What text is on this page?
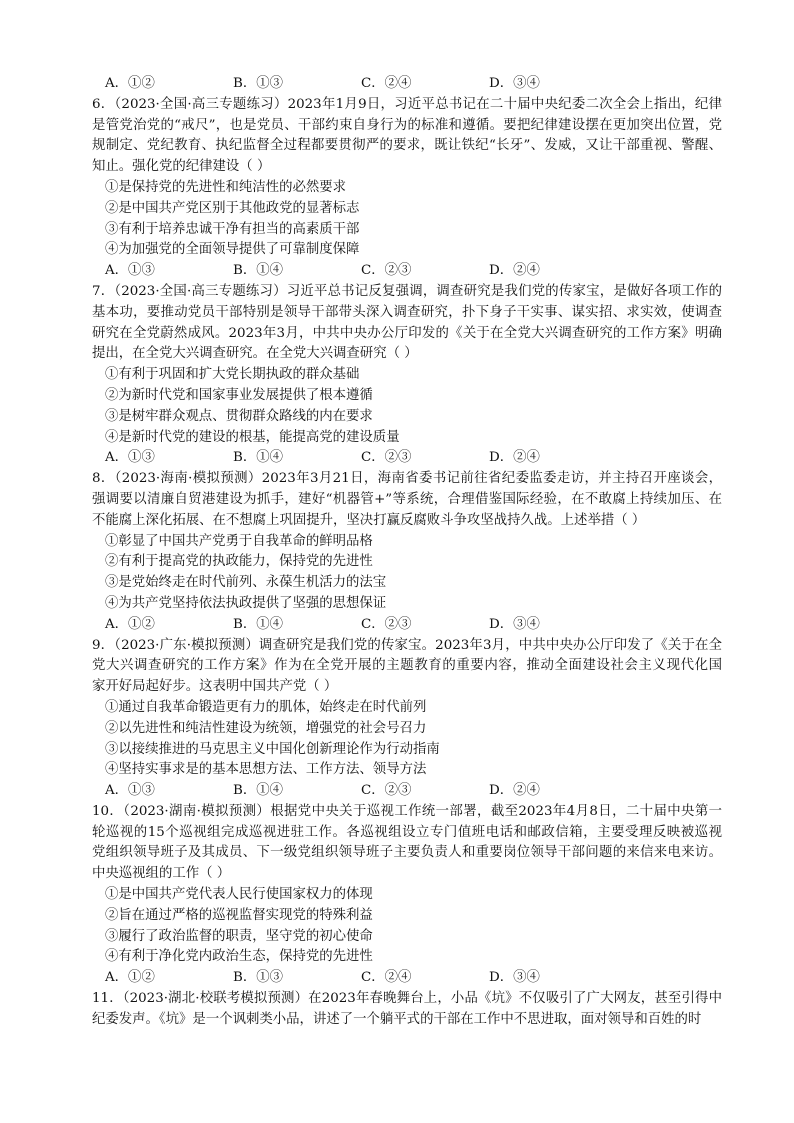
A．①②	B．①③	C．②④	D．③④
6．（2023·全国·高三专题练习）2023年1月9日，习近平总书记在二十届中央纪委二次全会上指出，纪律
是管党治党的“戒尺”，也是党员、干部约束自身行为的标准和遵循。要把纪律建设摆在更加突出位置，党
规制定、党纪教育、执纪监督全过程都要贯彻严的要求，既让铁纪“长牙”、发威，又让干部重视、警醒、
知止。强化党的纪律建设（ ）
①是保持党的先进性和纯洁性的必然要求
②是中国共产党区别于其他政党的显著标志
③有利于培养忠诚干净有担当的高素质干部
④为加强党的全面领导提供了可靠制度保障
A．①③	B．①④	C．②③	D．②④
7．（2023·全国·高三专题练习）习近平总书记反复强调，调查研究是我们党的传家宝，是做好各项工作的
基本功，要推动党员干部特别是领导干部带头深入调查研究，扑下身子干实事、谋实招、求实效，使调查
研究在全党蔚然成风。2023年3月，中共中央办公厅印发的《关于在全党大兴调查研究的工作方案》明确
提出，在全党大兴调查研究。在全党大兴调查研究（ ）
①有利于巩固和扩大党长期执政的群众基础
②为新时代党和国家事业发展提供了根本遵循
③是树牢群众观点、贯彻群众路线的内在要求
④是新时代党的建设的根基，能提高党的建设质量
A．①③	B．①④	C．②③	D．②④
8．（2023·海南·模拟预测）2023年3月21日，海南省委书记前往省纪委监委走访，并主持召开座谈会，
强调要以清廉自贸港建设为抓手，建好“机器管+”等系统，合理借鉴国际经验，在不敢腐上持续加压、在
不能腐上深化拓展、在不想腐上巩固提升，坚决打赢反腐败斗争攻坚战持久战。上述举措（ ）
①彰显了中国共产党勇于自我革命的鲜明品格
②有利于提高党的执政能力，保持党的先进性
③是党始终走在时代前列、永葆生机活力的法宝
④为共产党坚持依法执政提供了坚强的思想保证
A．①②	B．①④	C．②③	D．③④
9．（2023·广东·模拟预测）调查研究是我们党的传家宝。2023年3月，中共中央办公厅印发了《关于在全
党大兴调查研究的工作方案》作为在全党开展的主题教育的重要内容，推动全面建设社会主义现代化国
家开好局起好步。这表明中国共产党（ ）
①通过自我革命锻造更有力的肌体，始终走在时代前列
②以先进性和纯洁性建设为统领，增强党的社会号召力
③以接续推进的马克思主义中国化创新理论作为行动指南
④坚持实事求是的基本思想方法、工作方法、领导方法
A．①③	B．①④	C．②③	D．②④
10．（2023·湖南·模拟预测）根据党中央关于巡视工作统一部署，截至2023年4月8日，二十届中央第一
轮巡视的15个巡视组完成巡视进驻工作。各巡视组设立专门值班电话和邮政信箱，主要受理反映被巡视
党组织领导班子及其成员、下一级党组织领导班子主要负责人和重要岗位领导干部问题的来信来电来访。
中央巡视组的工作（ ）
①是中国共产党代表人民行使国家权力的体现
②旨在通过严格的巡视监督实现党的特殊利益
③履行了政治监督的职责，坚守党的初心使命
④有利于净化党内政治生态，保持党的先进性
A．①②	B．①③	C．②④	D．③④
11．（2023·湖北·校联考模拟预测）在2023年春晚舞台上，小品《坑》不仅吸引了广大网友，甚至引得中
纪委发声。《坑》是一个讽刺类小品，讲述了一个躺平式的干部在工作中不思进取，面对领导和百姓的时
